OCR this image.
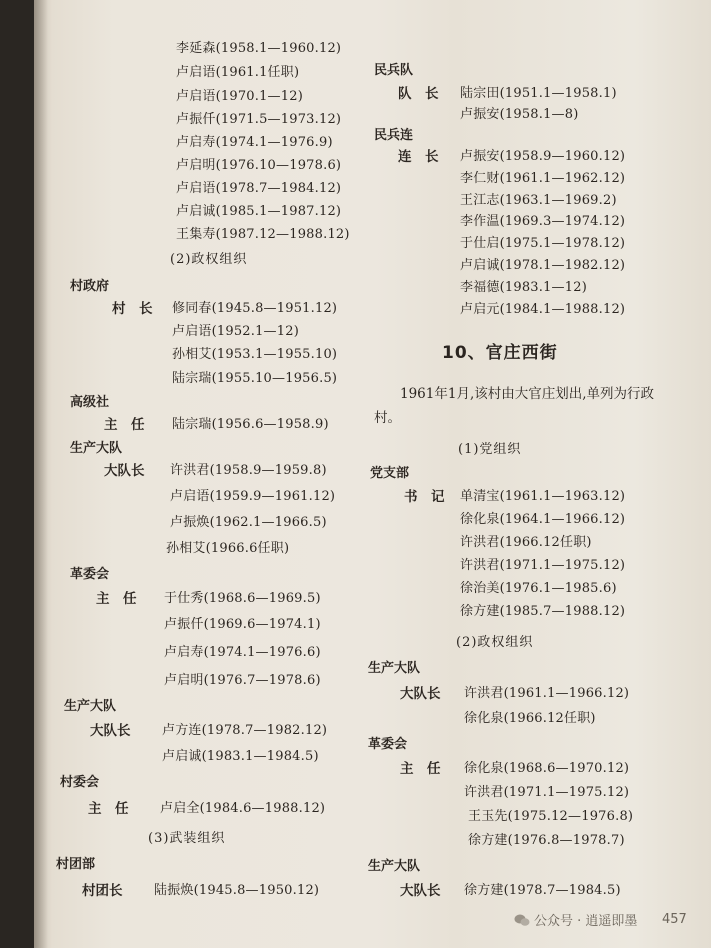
李延森(1958.1—1960.12)
卢启语(1961.1任职)
卢启语(1970.1—12)
卢振仟(1971.5—1973.12)
卢启寿(1974.1—1976.9)
卢启明(1976.10—1978.6)
卢启语(1978.7—1984.12)
卢启诚(1985.1—1987.12)
王集寿(1987.12—1988.12)
(2)政权组织
村政府
村　长 修同春(1945.8—1951.12)
卢启语(1952.1—12)
孙相艾(1953.1—1955.10)
陆宗瑞(1955.10—1956.5)
高级社
主　任 陆宗瑞(1956.6—1958.9)
生产大队
大队长 许洪君(1958.9—1959.8)
卢启语(1959.9—1961.12)
卢振焕(1962.1—1966.5)
孙相艾(1966.6任职)
革委会
主　任 于仕秀(1968.6—1969.5)
卢振仟(1969.6—1974.1)
卢启寿(1974.1—1976.6)
卢启明(1976.7—1978.6)
生产大队
大队长 卢方连(1978.7—1982.12)
卢启诚(1983.1—1984.5)
村委会
主　任 卢启全(1984.6—1988.12)
(3)武装组织
村团部
村团长 陆振焕(1945.8—1950.12)
民兵队
队　长 陆宗田(1951.1—1958.1)
卢振安(1958.1—8)
民兵连
连　长 卢振安(1958.9—1960.12)
李仁财(1961.1—1962.12)
王江志(1963.1—1969.2)
李作温(1969.3—1974.12)
于仕启(1975.1—1978.12)
卢启诚(1978.1—1982.12)
李福德(1983.1—12)
卢启元(1984.1—1988.12)
10、官庄西街
1961年1月,该村由大官庄划出,单列为行政村。
(1)党组织
党支部
书　记 单清宝(1961.1—1963.12)
徐化泉(1964.1—1966.12)
许洪君(1966.12任职)
许洪君(1971.1—1975.12)
徐治美(1976.1—1985.6)
徐方建(1985.7—1988.12)
(2)政权组织
生产大队
大队长 许洪君(1961.1—1966.12)
徐化泉(1966.12任职)
革委会
主　任 徐化泉(1968.6—1970.12)
许洪君(1971.1—1975.12)
王玉先(1975.12—1976.8)
徐方建(1976.8—1978.7)
生产大队
大队长 徐方建(1978.7—1984.5)
公众号 · 逍遥即墨 457
